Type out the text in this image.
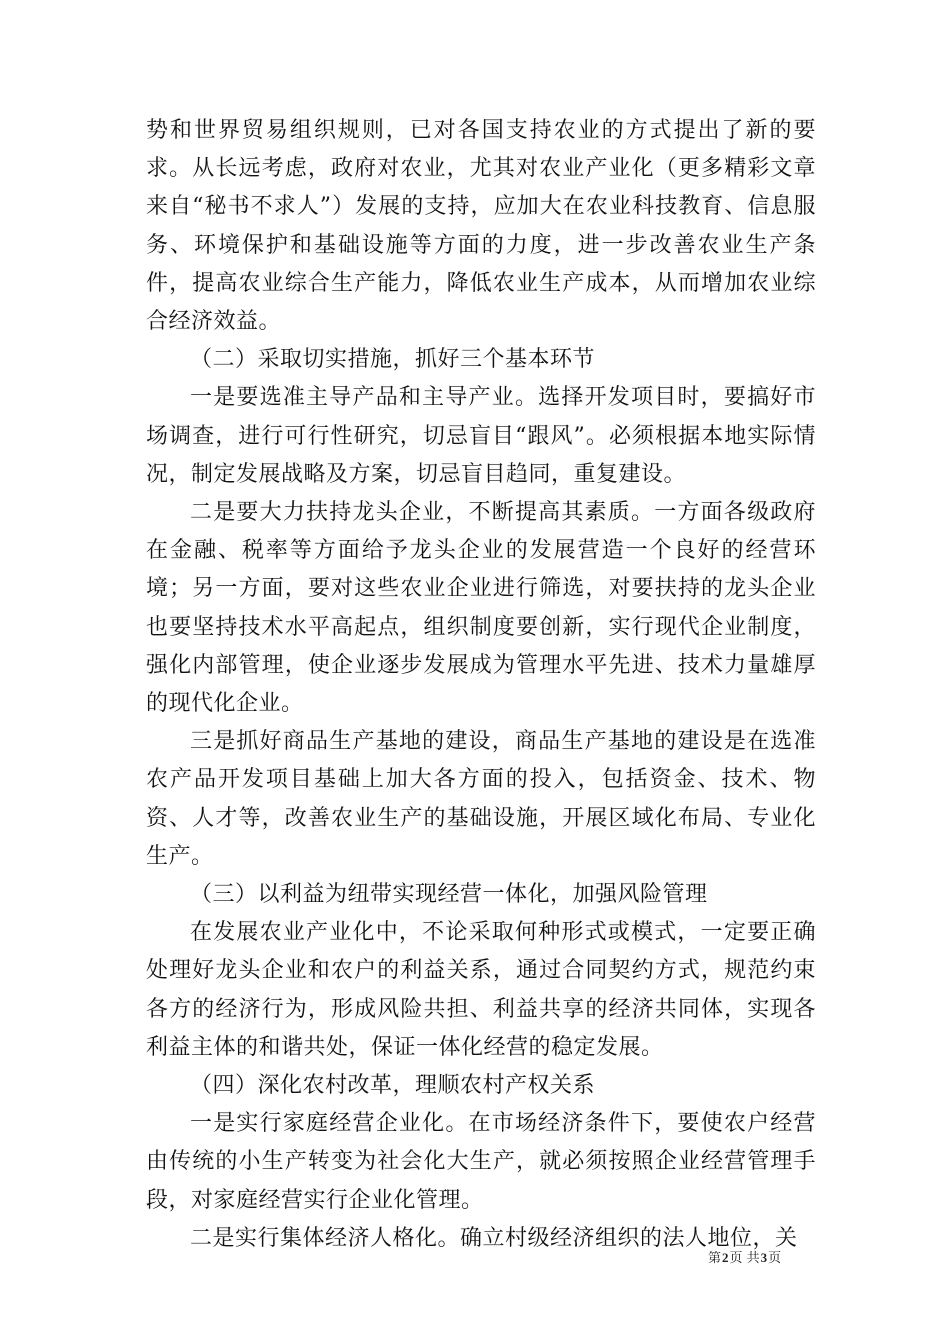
势和世界贸易组织规则，已对各国支持农业的方式提出了新的要求。从长远考虑，政府对农业，尤其对农业产业化（更多精彩文章来自“秘书不求人”）发展的支持，应加大在农业科技教育、信息服务、环境保护和基础设施等方面的力度，进一步改善农业生产条件，提高农业综合生产能力，降低农业生产成本，从而增加农业综合经济效益。

（二）采取切实措施，抓好三个基本环节

一是要选准主导产品和主导产业。选择开发项目时，要搞好市场调查，进行可行性研究，切忌盲目“跟风”。必须根据本地实际情况，制定发展战略及方案，切忌盲目趋同，重复建设。

二是要大力扶持龙头企业，不断提高其素质。一方面各级政府在金融、税率等方面给予龙头企业的发展营造一个良好的经营环境；另一方面，要对这些农业企业进行筛选，对要扶持的龙头企业也要坚持技术水平高起点，组织制度要创新，实行现代企业制度，强化内部管理，使企业逐步发展成为管理水平先进、技术力量雄厚的现代化企业。

三是抓好商品生产基地的建设，商品生产基地的建设是在选准农产品开发项目基础上加大各方面的投入，包括资金、技术、物资、人才等，改善农业生产的基础设施，开展区域化布局、专业化生产。

（三）以利益为纽带实现经营一体化，加强风险管理

在发展农业产业化中，不论采取何种形式或模式，一定要正确处理好龙头企业和农户的利益关系，通过合同契约方式，规范约束各方的经济行为，形成风险共担、利益共享的经济共同体，实现各利益主体的和谐共处，保证一体化经营的稳定发展。

（四）深化农村改革，理顺农村产权关系

一是实行家庭经营企业化。在市场经济条件下，要使农户经营由传统的小生产转变为社会化大生产，就必须按照企业经营管理手段，对家庭经营实行企业化管理。

二是实行集体经济人格化。确立村级经济组织的法人地位，关

第2页 共3页
